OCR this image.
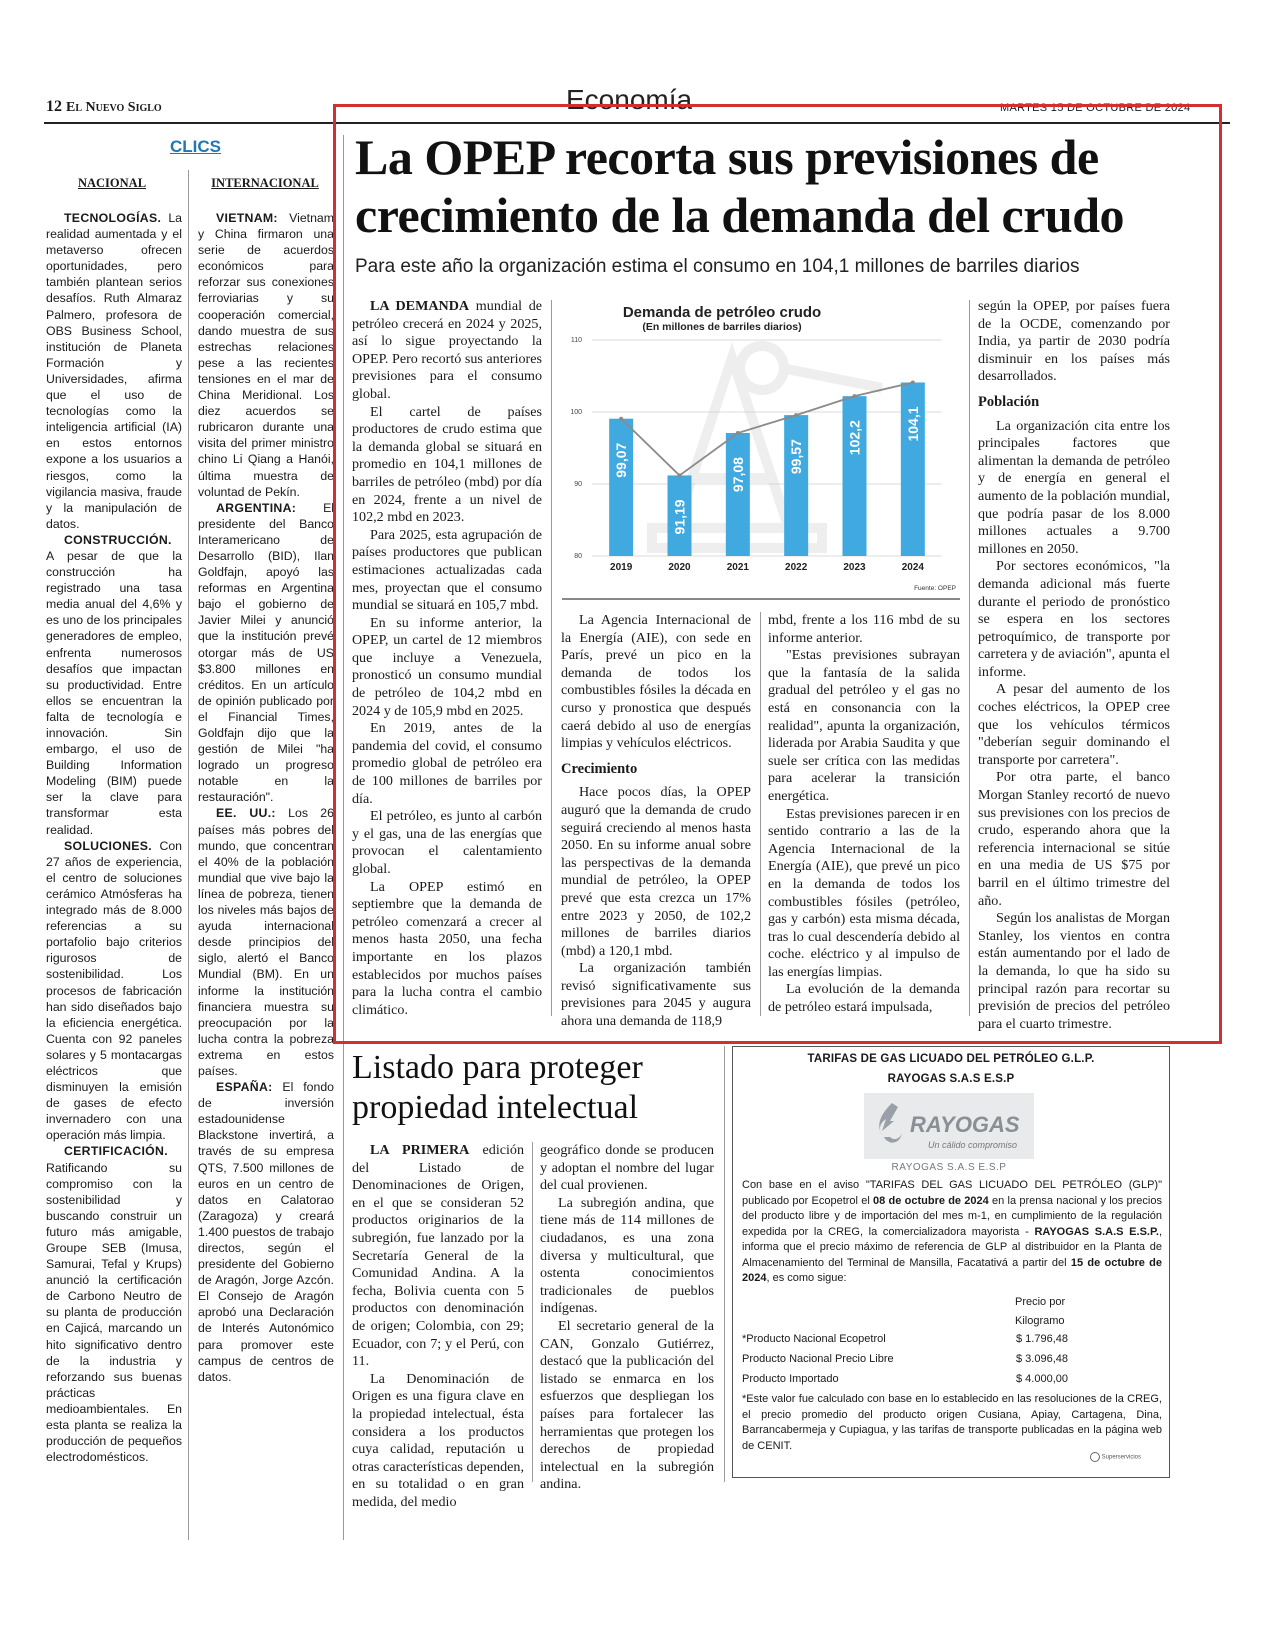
12 El Nuevo Siglo	Economía	MARTES 15 DE OCTUBRE DE 2024
CLICS
NACIONAL	INTERNACIONAL

TECNOLOGÍAS. La realidad aumentada y el metaverso ofrecen oportunidades, pero también plantean serios desafíos. Ruth Almaraz Palmero, profesora de OBS Business School, institución de Planeta Formación y Universidades, afirma que el uso de tecnologías como la inteligencia artificial (IA) en estos entornos expone a los usuarios a riesgos, como la vigilancia masiva, fraude y la manipulación de datos.

CONSTRUCCIÓN. A pesar de que la construcción ha registrado una tasa media anual del 4,6% y es uno de los principales generadores de empleo, enfrenta numerosos desafíos que impactan su productividad. Entre ellos se encuentran la falta de tecnología e innovación. Sin embargo, el uso de Building Information Modeling (BIM) puede ser la clave para transformar esta realidad.

SOLUCIONES. Con 27 años de experiencia, el centro de soluciones cerámico Atmósferas ha integrado más de 8.000 referencias a su portafolio bajo criterios rigurosos de sostenibilidad. Los procesos de fabricación han sido diseñados bajo la eficiencia energética. Cuenta con 92 paneles solares y 5 montacargas eléctricos que disminuyen la emisión de gases de efecto invernadero con una operación más limpia.

CERTIFICACIÓN. Ratificando su compromiso con la sostenibilidad y buscando construir un futuro más amigable, Groupe SEB (Imusa, Samurai, Tefal y Krups) anunció la certificación de Carbono Neutro de su planta de producción en Cajicá, marcando un hito significativo dentro de la industria y reforzando sus buenas prácticas medioambientales. En esta planta se realiza la producción de pequeños electrodomésticos.

VIETNAM: Vietnam y China firmaron una serie de acuerdos económicos para reforzar sus conexiones ferroviarias y su cooperación comercial, dando muestra de sus estrechas relaciones pese a las recientes tensiones en el mar de China Meridional. Los diez acuerdos se rubricaron durante una visita del primer ministro chino Li Qiang a Hanói, última muestra de voluntad de Pekín.

ARGENTINA: El presidente del Banco Interamericano de Desarrollo (BID), Ilan Goldfajn, apoyó las reformas en Argentina bajo el gobierno de Javier Milei y anunció que la institución prevé otorgar más de US $3.800 millones en créditos. En un artículo de opinión publicado por el Financial Times, Goldfajn dijo que la gestión de Milei "ha logrado un progreso notable en la restauración".

EE. UU.: Los 26 países más pobres del mundo, que concentran el 40% de la población mundial que vive bajo la línea de pobreza, tienen los niveles más bajos de ayuda internacional desde principios del siglo, alertó el Banco Mundial (BM). En un informe la institución financiera muestra su preocupación por la lucha contra la pobreza extrema en estos países.

ESPAÑA: El fondo de inversión estadounidense Blackstone invertirá, a través de su empresa QTS, 7.500 millones de euros en un centro de datos en Calatorao (Zaragoza) y creará 1.400 puestos de trabajo directos, según el presidente del Gobierno de Aragón, Jorge Azcón. El Consejo de Aragón aprobó una Declaración de Interés Autonómico para promover este campus de centros de datos.

La OPEP recorta sus previsiones de crecimiento de la demanda del crudo
Para este año la organización estima el consumo en 104,1 millones de barriles diarios

LA DEMANDA mundial de petróleo crecerá en 2024 y 2025, así lo sigue proyectando la OPEP. Pero recortó sus anteriores previsiones para el consumo global.

El cartel de países productores de crudo estima que la demanda global se situará en promedio en 104,1 millones de barriles de petróleo (mbd) por día en 2024, frente a un nivel de 102,2 mbd en 2023.

Para 2025, esta agrupación de países productores que publican estimaciones actualizadas cada mes, proyectan que el consumo mundial se situará en 105,7 mbd.

En su informe anterior, la OPEP, un cartel de 12 miembros que incluye a Venezuela, pronosticó un consumo mundial de petróleo de 104,2 mbd en 2024 y de 105,9 mbd en 2025.

En 2019, antes de la pandemia del covid, el consumo promedio global de petróleo era de 100 millones de barriles por día.

El petróleo, es junto al carbón y el gas, una de las energías que provocan el calentamiento global.

La OPEP estimó en septiembre que la demanda de petróleo comenzará a crecer al menos hasta 2050, una fecha importante en los plazos establecidos por muchos países para la lucha contra el cambio climático.

La Agencia Internacional de la Energía (AIE), con sede en París, prevé un pico en la demanda de todos los combustibles fósiles la década en curso y pronostica que después caerá debido al uso de energías limpias y vehículos eléctricos.

Crecimiento

Hace pocos días, la OPEP auguró que la demanda de crudo seguirá creciendo al menos hasta 2050. En su informe anual sobre las perspectivas de la demanda mundial de petróleo, la OPEP prevé que esta crezca un 17% entre 2023 y 2050, de 102,2 millones de barriles diarios (mbd) a 120,1 mbd.

La organización también revisó significativamente sus previsiones para 2045 y augura ahora una demanda de 118,9

mbd, frente a los 116 mbd de su informe anterior.

"Estas previsiones subrayan que la fantasía de la salida gradual del petróleo y el gas no está en consonancia con la realidad", apunta la organización, liderada por Arabia Saudita y que suele ser crítica con las medidas para acelerar la transición energética.

Estas previsiones parecen ir en sentido contrario a las de la Agencia Internacional de la Energía (AIE), que prevé un pico en la demanda de todos los combustibles fósiles (petróleo, gas y carbón) esta misma década, tras lo cual descendería debido al coche. eléctrico y al impulso de las energías limpias.

La evolución de la demanda de petróleo estará impulsada,

según la OPEP, por países fuera de la OCDE, comenzando por India, ya partir de 2030 podría disminuir en los países más desarrollados.

Población

La organización cita entre los principales factores que alimentan la demanda de petróleo y de energía en general el aumento de la población mundial, que podría pasar de los 8.000 millones actuales a 9.700 millones en 2050.

Por sectores económicos, "la demanda adicional más fuerte durante el periodo de pronóstico se espera en los sectores petroquímico, de transporte por carretera y de aviación", apunta el informe.

A pesar del aumento de los coches eléctricos, la OPEP cree que los vehículos térmicos "deberían seguir dominando el transporte por carretera".

Por otra parte, el banco Morgan Stanley recortó de nuevo sus previsiones con los precios de crudo, esperando ahora que la referencia internacional se sitúe en una media de US $75 por barril en el último trimestre del año.

Según los analistas de Morgan Stanley, los vientos en contra están aumentando por el lado de la demanda, lo que ha sido su principal razón para recortar su previsión de precios del petróleo para el cuarto trimestre.

Demanda de petróleo crudo
(En millones de barriles diarios)
80
90
100
110
99,07
91,19
97,08
99,57
102,2	104,1
2019	2020	2021	2022	2023	2024
Fuente: OPEP
Listado para proteger propiedad intelectual

LA PRIMERA edición del Listado de Denominaciones de Origen, en el que se consideran 52 productos originarios de la subregión, fue lanzado por la Secretaría General de la Comunidad Andina. A la fecha, Bolivia cuenta con 5 productos con denominación de origen; Colombia, con 29; Ecuador, con 7; y el Perú, con 11.

La Denominación de Origen es una figura clave en la propiedad intelectual, ésta considera a los productos cuya calidad, reputación u otras características dependen, en su totalidad o en gran medida, del medio

geográfico donde se producen y adoptan el nombre del lugar del cual provienen.

La subregión andina, que tiene más de 114 millones de ciudadanos, es una zona diversa y multicultural, que ostenta conocimientos tradicionales de pueblos indígenas.

El secretario general de la CAN, Gonzalo Gutiérrez, destacó que la publicación del listado se enmarca en los esfuerzos que despliegan los países para fortalecer las herramientas que protegen los derechos de propiedad intelectual en la subregión andina.

TARIFAS DE GAS LICUADO DEL PETRÓLEO G.L.P.
RAYOGAS S.A.S E.S.P
RAYOGAS
Un cálido compromiso
RAYOGAS S.A.S E.S.P
Con base en el aviso "TARIFAS DEL GAS LICUADO DEL PETRÓLEO (GLP)" publicado por Ecopetrol el 08 de octubre de 2024 en la prensa nacional y los precios del producto libre y de importación del mes m-1, en cumplimiento de la regulación expedida por la CREG, la comercializadora mayorista - RAYOGAS S.A.S E.S.P., informa que el precio máximo de referencia de GLP al distribuidor en la Planta de Almacenamiento del Terminal de Mansilla, Facatativá a partir del 15 de octubre de 2024, es como sigue:
Precio por
Kilogramo
*Producto Nacional Ecopetrol	$ 1.796,48
Producto Nacional Precio Libre	$ 3.096,48
Producto Importado	$ 4.000,00
*Este valor fue calculado con base en lo establecido en las resoluciones de la CREG, el precio promedio del producto origen Cusiana, Apiay, Cartagena, Dina, Barrancabermeja y Cupiagua, y las tarifas de transporte publicadas en la página web de CENIT.
Superservicios
